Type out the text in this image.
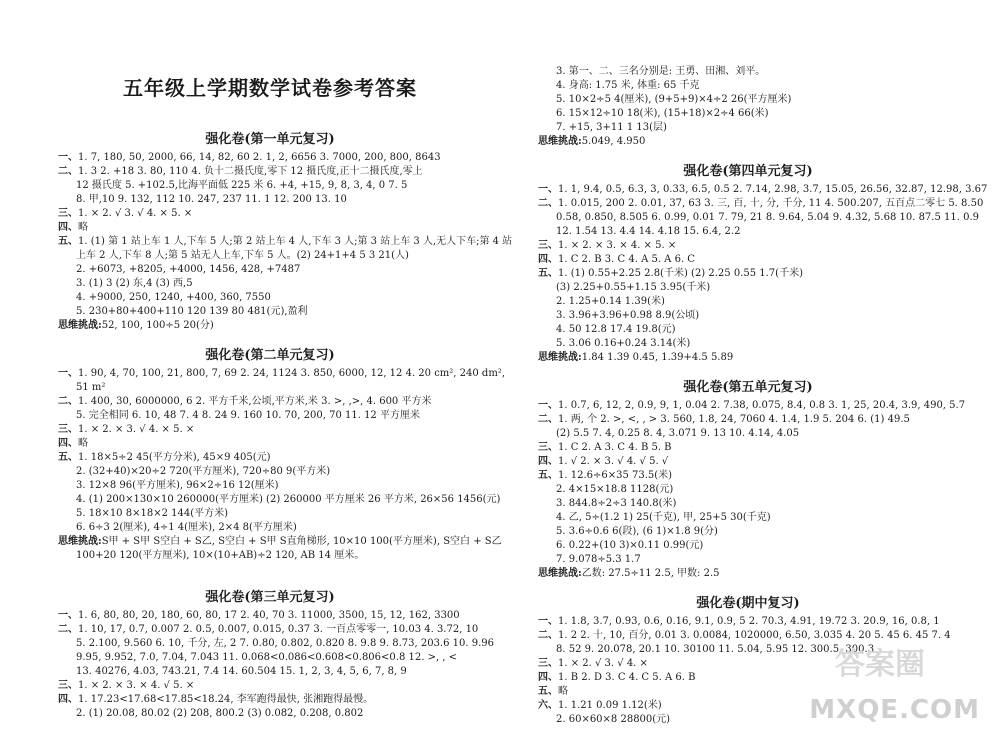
五年级上学期数学试卷参考答案
强化卷(第一单元复习)
一、1. 7, 180, 50, 2000, 66, 14, 82, 60 2. 1, 2, 6656 3. 7000, 200, 800, 8643
二、1. 3 2. +18 3. 80, 110 4. 负十二摄氏度,零下 12 摄氏度,正十二摄氏度,零上
12 摄氏度 5. +102.5,比海平面低 225 米 6. +4, +15, 9, 8, 3, 4, 0 7. 5
8. 甲,10 9. 132, 112 10. 247, 237 11. 1 12. 200 13. 10
三、1. × 2. √ 3. √ 4. × 5. ×
四、略
五、1. (1) 第 1 站上车 1 人,下车 5 人;第 2 站上车 4 人,下车 3 人;第 3 站上车 3 人,无人下车;第 4 站
上车 2 人,下车 8 人;第 5 站无人上车,下车 5 人。(2) 24+1+4 5 3 21(人)
2. +6073, +8205, +4000, 1456, 428, +7487
3. (1) 3 (2) 东,4 (3) 西,5
4. +9000, 250, 1240, +400, 360, 7550
5. 230+80+400+110 120 139 80 481(元),盈利
思维挑战:52, 100, 100÷5 20(分)
强化卷(第二单元复习)
一、1. 90, 4, 70, 100, 21, 800, 7, 69 2. 24, 1124 3. 850, 6000, 12, 12 4. 20 cm², 240 dm²,
51 m²
二、1. 400, 30, 6000000, 6 2. 平方千米,公顷,平方米,米 3. >, ,>, 4. 600 平方米
5. 完全相同 6. 10, 48 7. 4 8. 24 9. 160 10. 70, 200, 70 11. 12 平方厘米
三、1. × 2. × 3. √ 4. × 5. ×
四、略
五、1. 18×5÷2 45(平方分米), 45×9 405(元)
2. (32+40)×20÷2 720(平方厘米), 720÷80 9(平方米)
3. 12×8 96(平方厘米), 96×2÷16 12(厘米)
4. (1) 200×130×10 260000(平方厘米) (2) 260000 平方厘米 26 平方米, 26×56 1456(元)
5. 18×10 8×18×2 144(平方米)
6. 6÷3 2(厘米), 4÷1 4(厘米), 2×4 8(平方厘米)
思维挑战:S甲 + S甲 S空白 + S乙, S空白 + S甲 S直角梯形, 10×10 100(平方厘米), S空白 + S乙
100+20 120(平方厘米), 10×(10+AB)÷2 120, AB 14 厘米。
强化卷(第三单元复习)
一、1. 6, 80, 80, 20, 180, 60, 80, 17 2. 40, 70 3. 11000, 3500, 15, 12, 162, 3300
二、1. 10, 17, 0.7, 0.007 2. 0.5, 0.007, 0.015, 0.37 3. 一百点零零一, 10.03 4. 3.72, 10
5. 2.100, 9.560 6. 10, 千分, 左, 2 7. 0.80, 0.802, 0.820 8. 9.8 9. 8.73, 203.6 10. 9.96
9.95, 9.952, 7.0, 7.04, 7.043 11. 0.068<0.086<0.608<0.806<0.8 12. >, , <
13. 40276, 4.03, 743.21, 7.4 14. 60.504 15. 1, 2, 3, 4, 5, 6, 7, 8, 9
三、1. × 2. × 3. × 4. √ 5. ×
四、1. 17.23<17.68<17.85<18.24, 李军跑得最快, 张湘跑得最慢。
2. (1) 20.08, 80.02 (2) 208, 800.2 (3) 0.082, 0.208, 0.802
3. 第一、二、三名分别是: 王勇、田湘、刘平。
4. 身高: 1.75 米, 体重: 65 千克
5. 10×2÷5 4(厘米), (9+5+9)×4÷2 26(平方厘米)
6. 15×12÷10 18(米), (15+18)×2÷4 66(米)
7. +15, 3+11 1 13(层)
思维挑战:5.049, 4.950
强化卷(第四单元复习)
一、1. 1, 9.4, 0.5, 6.3, 3, 0.33, 6.5, 0.5 2. 7.14, 2.98, 3.7, 15.05, 26.56, 32.87, 12.98, 3.67
二、1. 0.015, 200 2. 0.01, 37, 63 3. 三, 百, 十, 分, 千分, 11 4. 500.207, 五百点二零七 5. 8.50
0.58, 0.850, 8.505 6. 0.99, 0.01 7. 79, 21 8. 9.64, 5.04 9. 4.32, 5.68 10. 87.5 11. 0.9
12. 1.54 13. 4.4 14. 4.18 15. 6.4, 2.2
三、1. × 2. × 3. × 4. × 5. ×
四、1. C 2. B 3. C 4. A 5. A 6. C
五、1. (1) 0.55+2.25 2.8(千米) (2) 2.25 0.55 1.7(千米)
(3) 2.25+0.55+1.15 3.95(千米)
2. 1.25+0.14 1.39(米)
3. 3.96+3.96+0.98 8.9(公顷)
4. 50 12.8 17.4 19.8(元)
5. 3.06 0.16+0.24 3.14(米)
思维挑战:1.84 1.39 0.45, 1.39+4.5 5.89
强化卷(第五单元复习)
一、1. 0.7, 6, 12, 2, 0.9, 9, 1, 0.04 2. 7.38, 0.075, 8.4, 0.8 3. 1, 25, 20.4, 3.9, 490, 5.7
二、1. 两, 个 2. >, <, , > 3. 560, 1.8, 24, 7060 4. 1.4, 1.9 5. 204 6. (1) 49.5
(2) 5.5 7. 4, 0.25 8. 4, 3.071 9. 13 10. 4.14, 4.05
三、1. C 2. A 3. C 4. B 5. B
四、1. √ 2. × 3. √ 4. √ 5. √
五、1. 12.6÷6×35 73.5(米)
2. 4×15×18.8 1128(元)
3. 844.8÷2÷3 140.8(米)
4. 乙, 5÷(1.2 1) 25(千克), 甲, 25+5 30(千克)
5. 3.6÷0.6 6(段), (6 1)×1.8 9(分)
6. 0.22+(10 3)×0.11 0.99(元)
7. 9.078÷5.3 1.7
思维挑战:乙数: 27.5÷11 2.5, 甲数: 2.5
强化卷(期中复习)
一、1. 1.8, 3.7, 0.93, 0.6, 0.16, 9.1, 0.9, 5 2. 70.3, 4.91, 19.72 3. 20.9, 16, 0.8, 1
二、1. 2 2. 十, 10, 百分, 0.01 3. 0.0084, 1020000, 6.50, 3.035 4. 20 5. 45 6. 45 7. 4
8. 52 9. 20.078, 20.1 10. 30100 11. 5.04, 5.95 12. 300.5, 300.3
三、1. × 2. √ 3. √ 4. ×
四、1. B 2. D 3. C 4. C 5. A 6. B
五、略
六、1. 1.21 0.09 1.12(米)
2. 60×60×8 28800(元)
答案圈
MXQE.COM
